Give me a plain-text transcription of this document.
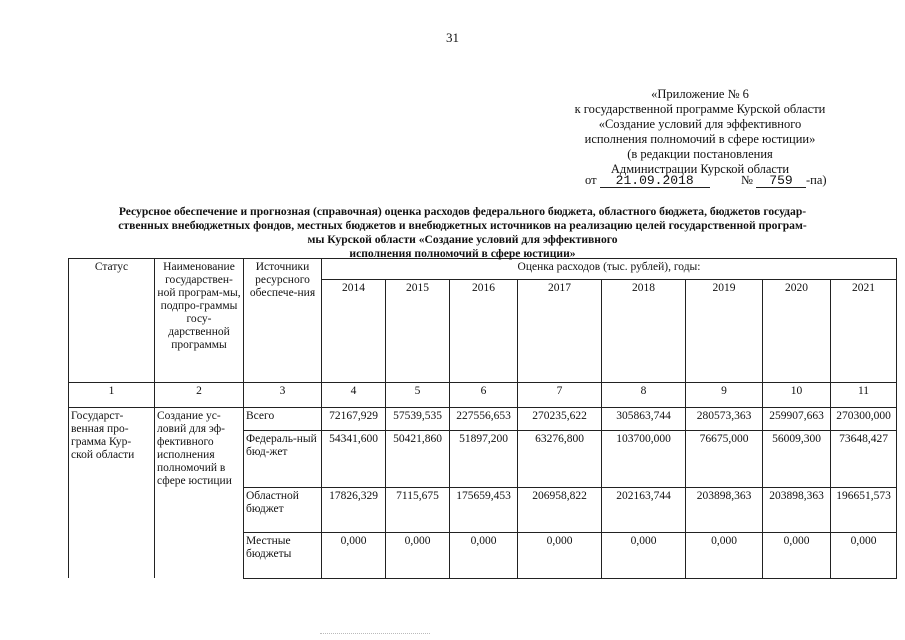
31
«Приложение № 6
к государственной программе Курской области
«Создание условий для эффективного
исполнения полномочий в сфере юстиции»
(в редакции постановления
Администрации Курской области
от 21.09.2018	№ 759 -па)
Ресурсное обеспечение и прогнозная (справочная) оценка расходов федерального бюджета, областного бюджета, бюджетов государ-
ственных внебюджетных фондов, местных бюджетов и внебюджетных источников на реализацию целей государственной програм-
мы Курской области «Создание условий для эффективного
исполнения полномочий в сфере юстиции»
Статус	Наименование государствен-ной програм-мы, подпро-граммы госу-дарственной программы	Источники ресурсного обеспече-ния	Оценка расходов (тыс. рублей), годы:							
			2014	2015	2016	2017	2018	2019	2020	2021
1	2	3	4	5	6	7	8	9	10	11
Государст-венная про-грамма Кур-ской области	Создание ус-ловий для эф-фективного исполнения полномочий в сфере юстиции	Всего	72167,929	57539,535	227556,653	270235,622	305863,744	280573,363	259907,663	270300,000
		Федераль-ный бюд-жет	54341,600	50421,860	51897,200	63276,800	103700,000	76675,000	56009,300	73648,427
		Областной бюджет	17826,329	7115,675	175659,453	206958,822	202163,744	203898,363	203898,363	196651,573
		Местные бюджеты	0,000	0,000	0,000	0,000	0,000	0,000	0,000	0,000
